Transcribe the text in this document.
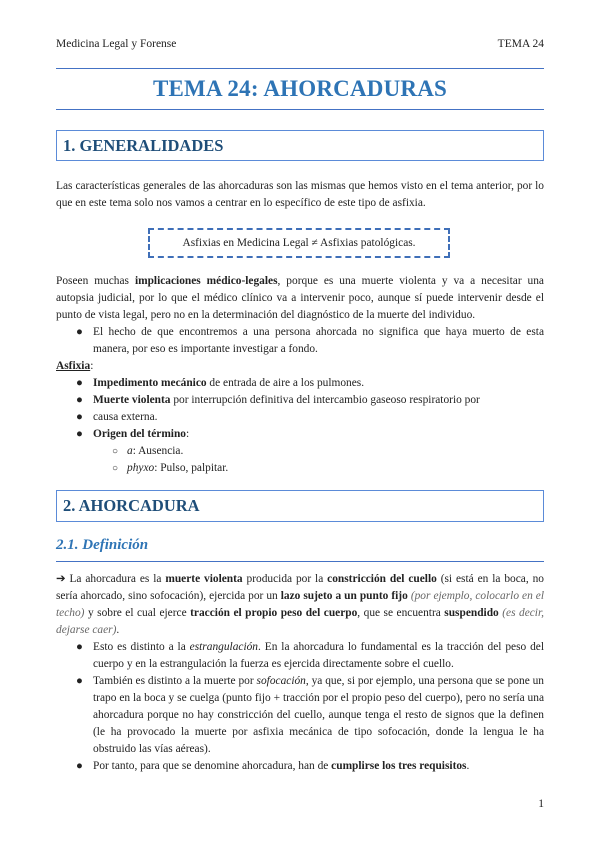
Medicina Legal y Forense	TEMA 24
TEMA 24: AHORCADURAS
1. GENERALIDADES
Las características generales de las ahorcaduras son las mismas que hemos visto en el tema anterior, por lo que en este tema solo nos vamos a centrar en lo específico de este tipo de asfixia.
Asfixias en Medicina Legal ≠ Asfixias patológicas.
Poseen muchas implicaciones médico-legales, porque es una muerte violenta y va a necesitar una autopsia judicial, por lo que el médico clínico va a intervenir poco, aunque sí puede intervenir desde el punto de vista legal, pero no en la determinación del diagnóstico de la muerte del individuo.
● El hecho de que encontremos a una persona ahorcada no significa que haya muerto de esta manera, por eso es importante investigar a fondo.
Asfixia:
● Impedimento mecánico de entrada de aire a los pulmones.
● Muerte violenta por interrupción definitiva del intercambio gaseoso respiratorio por
● causa externa.
● Origen del término:
○ a: Ausencia.
○ phyxo: Pulso, palpitar.
2. AHORCADURA
2.1. Definición
➔ La ahorcadura es la muerte violenta producida por la constricción del cuello (si está en la boca, no sería ahorcado, sino sofocación), ejercida por un lazo sujeto a un punto fijo (por ejemplo, colocarlo en el techo) y sobre el cual ejerce tracción el propio peso del cuerpo, que se encuentra suspendido (es decir, dejarse caer).
● Esto es distinto a la estrangulación. En la ahorcadura lo fundamental es la tracción del peso del cuerpo y en la estrangulación la fuerza es ejercida directamente sobre el cuello.
● También es distinto a la muerte por sofocación, ya que, si por ejemplo, una persona que se pone un trapo en la boca y se cuelga (punto fijo + tracción por el propio peso del cuerpo), pero no sería una ahorcadura porque no hay constricción del cuello, aunque tenga el resto de signos que la definen (le ha provocado la muerte por asfixia mecánica de tipo sofocación, donde la lengua le ha obstruido las vías aéreas).
● Por tanto, para que se denomine ahorcadura, han de cumplirse los tres requisitos.
1
